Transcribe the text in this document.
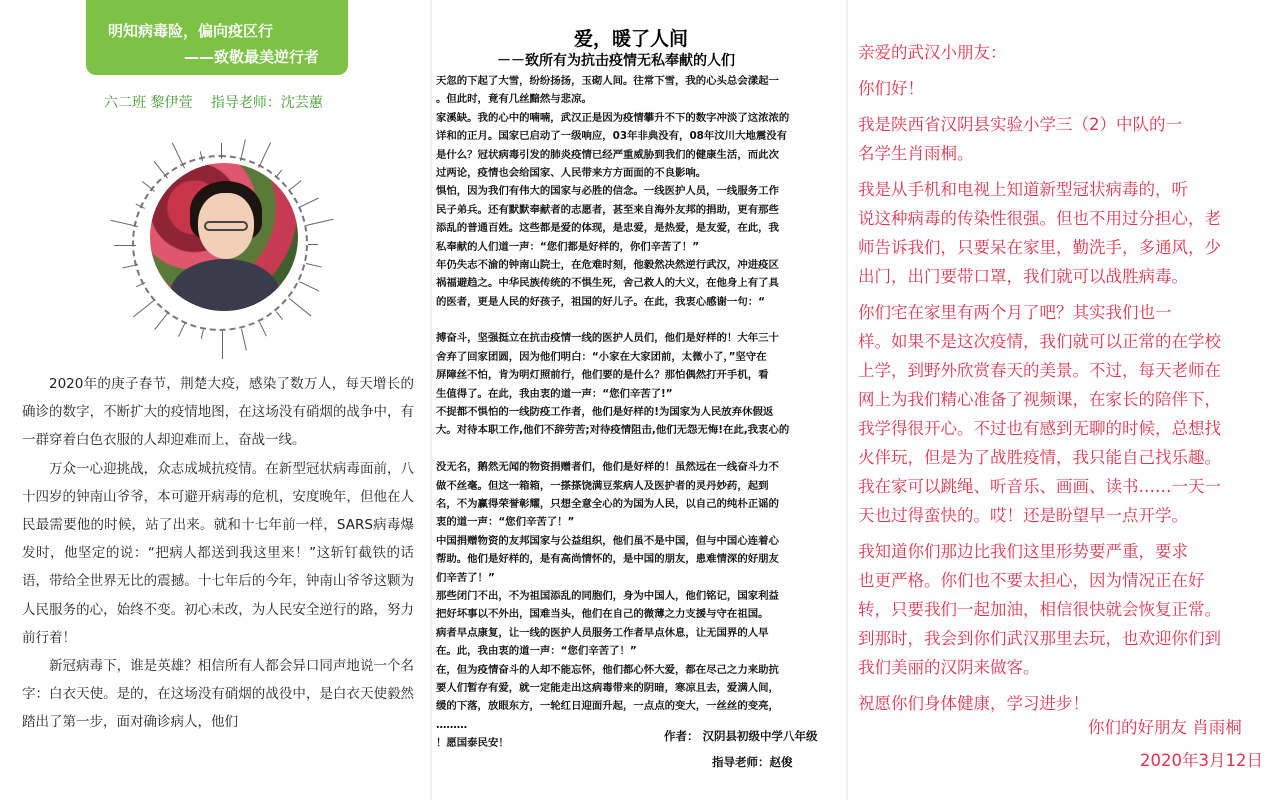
明知病毒险，偏向疫区行
——致敬最美逆行者
六二班 黎伊萱 指导老师：沈芸蕙

2020年的庚子春节，荆楚大疫，感染了数万人，每天增长的确诊的数字，不断扩大的疫情地图，在这场没有硝烟的战争中，有一群穿着白色衣服的人却迎难而上，奋战一线。

万众一心迎挑战，众志成城抗疫情。在新型冠状病毒面前，八十四岁的钟南山爷爷，本可避开病毒的危机，安度晚年，但他在人民最需要他的时候，站了出来。就和十七年前一样，SARS病毒爆发时，他坚定的说：“把病人都送到我这里来！”这斩钉截铁的话语，带给全世界无比的震撼。十七年后的今年，钟南山爷爷这颗为人民服务的心，始终不变。初心未改，为人民安全逆行的路，努力前行着！

新冠病毒下，谁是英雄？相信所有人都会异口同声地说一个名字：白衣天使。是的，在这场没有硝烟的战役中，是白衣天使毅然踏出了第一步，面对确诊病人，他们

爱，暖了人间
－－致所有为抗击疫情无私奉献的人们
天忽的下起了大雪，纷纷扬扬，玉砌人间。往常下雪，我的心头总会漾起一
。但此时，竟有几丝黯然与悲凉。
家溪缺。我的心中的喃喃，武汉正是因为疫情攀升不下的数字冲淡了这浓浓的
详和的正月。国家已启动了一级响应，03年非典没有，08年汶川大地震没有
是什么？冠状病毒引发的肺炎疫情已经严重威胁到我们的健康生活，而此次
过两论，疫情也会给国家、人民带来方方面面的不良影响。
惧怕，因为我们有伟大的国家与必胜的信念。一线医护人员，一线服务工作
民子弟兵。还有默默奉献者的志愿者，甚至来自海外友邦的捐助，更有那些
添乱的普通百姓。这些都是爱的体现，是忠爱，是热爱，是友爱，在此，我
私奉献的人们道一声：“您们都是好样的，你们辛苦了！”
年仍失志不渝的钟南山院士，在危难时刻，他毅然决然逆行武汉，冲进疫区
祸福避趋之。中华民族传统的不惧生死，舍己救人的大义，在他身上有了具
的医者，更是人民的好孩子，祖国的好儿子。在此，我衷心感谢一句：“
搏奋斗，坚强挺立在抗击疫情一线的医护人员们，他们是好样的！大年三十
舍弃了回家团圆，因为他们明白：“小家在大家团前，太微小了，”坚守在
屏障丝不怕，肯为明灯照前行，他们要的是什么？那怕偶然打开手机，看
生值得了。在此，我由衷的道一声：“您们辛苦了!”
不捉都不惧怕的一线防疫工作者，他们是好样的!为国家为人民放弃休假返
大。对待本职工作,他们不辞劳苦;对待疫情阻击,他们无怨无悔!在此,我衷心的
没无名，鹅然无闻的物资捐赠者们，他们是好样的！虽然远在一线奋斗力不
做不丝毫。但这一箱箱，一搽搽饶满豆浆病人及医护者的灵丹妙药，起到
名，不为赢得荣誉彰耀，只想全意全心的为国为人民，以自己的纯朴正谣的
衷的道一声：“您们辛苦了！”
中国捐赠物资的友邦国家与公益组织，他们虽不是中国，但与中国心连着心
帮助。他们是好样的，是有高尚情怀的，是中国的朋友，患难情深的好朋友
们辛苦了！”
那些闭门不出，不为祖国添乱的同胞们，身为中国人，他们铭记，国家利益
把好坏事以不外出，国难当头，他们在自己的微薄之力支援与守在祖国。
病者早点康复，让一线的医护人员服务工作者早点休息，让无国界的人早
在。此，我由衷的道一声：“您们辛苦了！”
在，但为疫情奋斗的人却不能忘怀，他们都心怀大爱，都在尽己之力来助抗
要人们暂存有爱，就一定能走出这病毒带来的阴暗，寒凉且去，爱满人间，
缓的下落，放眼东方，一轮红日迎面升起，一点点的变大，一丝丝的变亮，
………
！愿国泰民安！
作者： 汉阴县初级中学八年级
指导老师：赵俊
亲爱的武汉小朋友：
你们好！
我是陕西省汉阴县实验小学三（2）中队的一
名学生肖雨桐。
我是从手机和电视上知道新型冠状病毒的，听
说这种病毒的传染性很强。但也不用过分担心，老
师告诉我们，只要呆在家里，勤洗手，多通风，少
出门，出门要带口罩，我们就可以战胜病毒。
你们宅在家里有两个月了吧？其实我们也一
样。如果不是这次疫情，我们就可以正常的在学校
上学，到野外欣赏春天的美景。不过，每天老师在
网上为我们精心准备了视频课，在家长的陪伴下，
我学得很开心。不过也有感到无聊的时候，总想找
火伴玩，但是为了战胜疫情，我只能自己找乐趣。
我在家可以跳绳、听音乐、画画、读书……一天一
天也过得蛮快的。哎！还是盼望早一点开学。
我知道你们那边比我们这里形势要严重，要求
也更严格。你们也不要太担心，因为情况正在好
转，只要我们一起加油，相信很快就会恢复正常。
到那时，我会到你们武汉那里去玩，也欢迎你们到
我们美丽的汉阴来做客。
祝愿你们身体健康，学习进步！
你们的好朋友 肖雨桐
2020年3月12日
